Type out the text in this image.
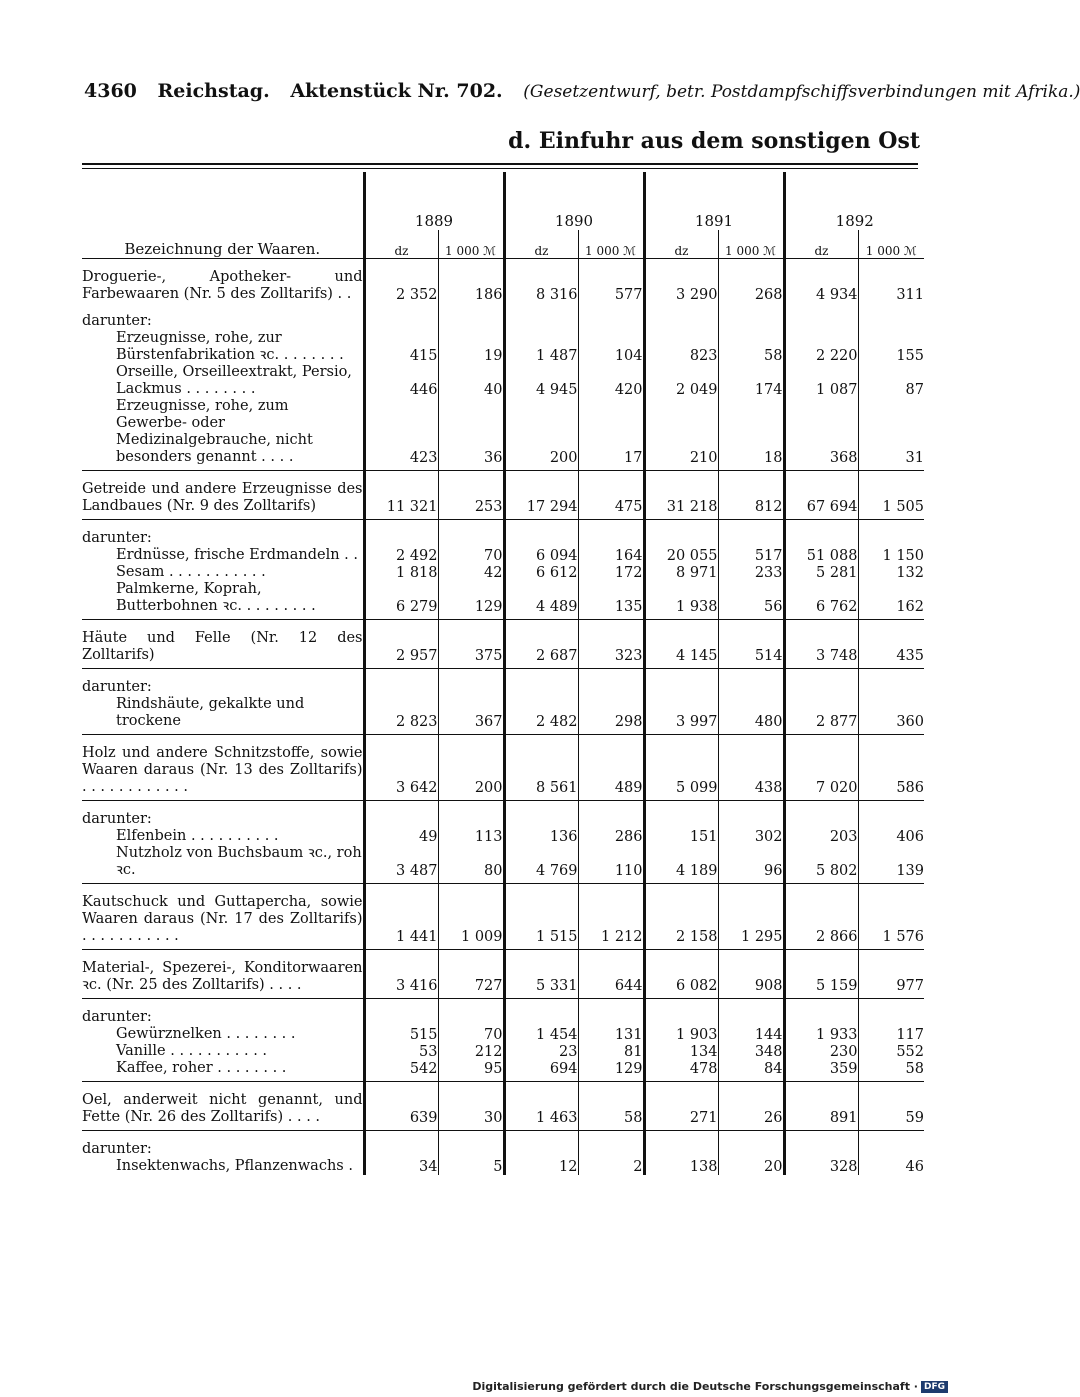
4360 Reichstag. Aktenstück Nr. 702. (Gesetzentwurf, betr. Postdampfschiffsverbindungen mit Afrika.)
d. Einfuhr aus dem sonstigen Ost
Bezeichnung der Waaren.	1889		1890		1891		1892	
	dz	1 000 ℳ	dz	1 000 ℳ	dz	1 000 ℳ	dz	1 000 ℳ

Droguerie-, Apotheker- und Farbewaaren (Nr. 5 des Zolltarifs) . .	2 352	186	8 316	577	3 290	268	4 934	311
darunter:								
Erzeugnisse, rohe, zur Bürstenfabrikation ꝛc. . . . . . . .	415	19	1 487	104	823	58	2 220	155
Orseille, Orseilleextrakt, Persio, Lackmus . . . . . . . .	446	40	4 945	420	2 049	174	1 087	87
Erzeugnisse, rohe, zum Gewerbe- oder Medizinalgebrauche, nicht besonders genannt . . . .	423	36	200	17	210	18	368	31

Getreide und andere Erzeugnisse des Landbaues (Nr. 9 des Zolltarifs)	11 321	253	17 294	475	31 218	812	67 694	1 505
darunter:								
Erdnüsse, frische Erdmandeln . .	2 492	70	6 094	164	20 055	517	51 088	1 150
Sesam . . . . . . . . . . .	1 818	42	6 612	172	8 971	233	5 281	132
Palmkerne, Koprah, Butterbohnen ꝛc. . . . . . . . .	6 279	129	4 489	135	1 938	56	6 762	162

Häute und Felle (Nr. 12 des Zolltarifs)	2 957	375	2 687	323	4 145	514	3 748	435
darunter:								
Rindshäute, gekalkte und trockene	2 823	367	2 482	298	3 997	480	2 877	360

Holz und andere Schnitzstoffe, sowie Waaren daraus (Nr. 13 des Zolltarifs) . . . . . . . . . . . .	3 642	200	8 561	489	5 099	438	7 020	586
darunter:								
Elfenbein . . . . . . . . . .	49	113	136	286	151	302	203	406
Nutzholz von Buchsbaum ꝛc., roh ꝛc.	3 487	80	4 769	110	4 189	96	5 802	139

Kautschuck und Guttapercha, sowie Waaren daraus (Nr. 17 des Zolltarifs) . . . . . . . . . . .	1 441	1 009	1 515	1 212	2 158	1 295	2 866	1 576

Material-, Spezerei-, Konditorwaaren ꝛc. (Nr. 25 des Zolltarifs) . . . .	3 416	727	5 331	644	6 082	908	5 159	977
darunter:								
Gewürznelken . . . . . . . .	515	70	1 454	131	1 903	144	1 933	117
Vanille . . . . . . . . . . .	53	212	23	81	134	348	230	552
Kaffee, roher . . . . . . . .	542	95	694	129	478	84	359	58

Oel, anderweit nicht genannt, und Fette (Nr. 26 des Zolltarifs) . . . .	639	30	1 463	58	271	26	891	59
darunter:								
Insektenwachs, Pflanzenwachs .	34	5	12	2	138	20	328	46
Digitalisierung gefördert durch die Deutsche Forschungsgemeinschaft · DFG
